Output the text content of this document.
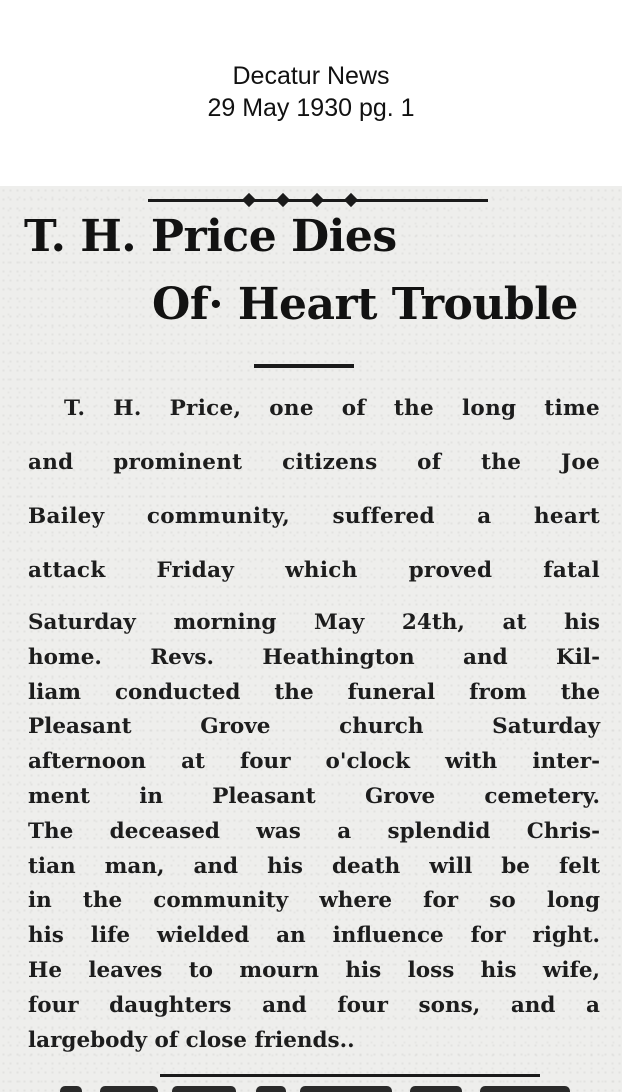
Decatur News
29 May 1930 pg. 1
T. H. Price Dies
Of· Heart Trouble
T. H. Price, one of the long time
and prominent citizens of the Joe
Bailey community, suffered a heart
attack Friday which proved fatal
Saturday morning May 24th, at his
home. Revs. Heathington and Kil-
liam conducted the funeral from the
Pleasant Grove church Saturday
afternoon at four o'clock with inter-
ment in Pleasant Grove cemetery.
The deceased was a splendid Chris-
tian man, and his death will be felt
in the community where for so long
his life wielded an influence for right.
He leaves to mourn his loss his wife,
four daughters and four sons, and a
largebody of close friends..
